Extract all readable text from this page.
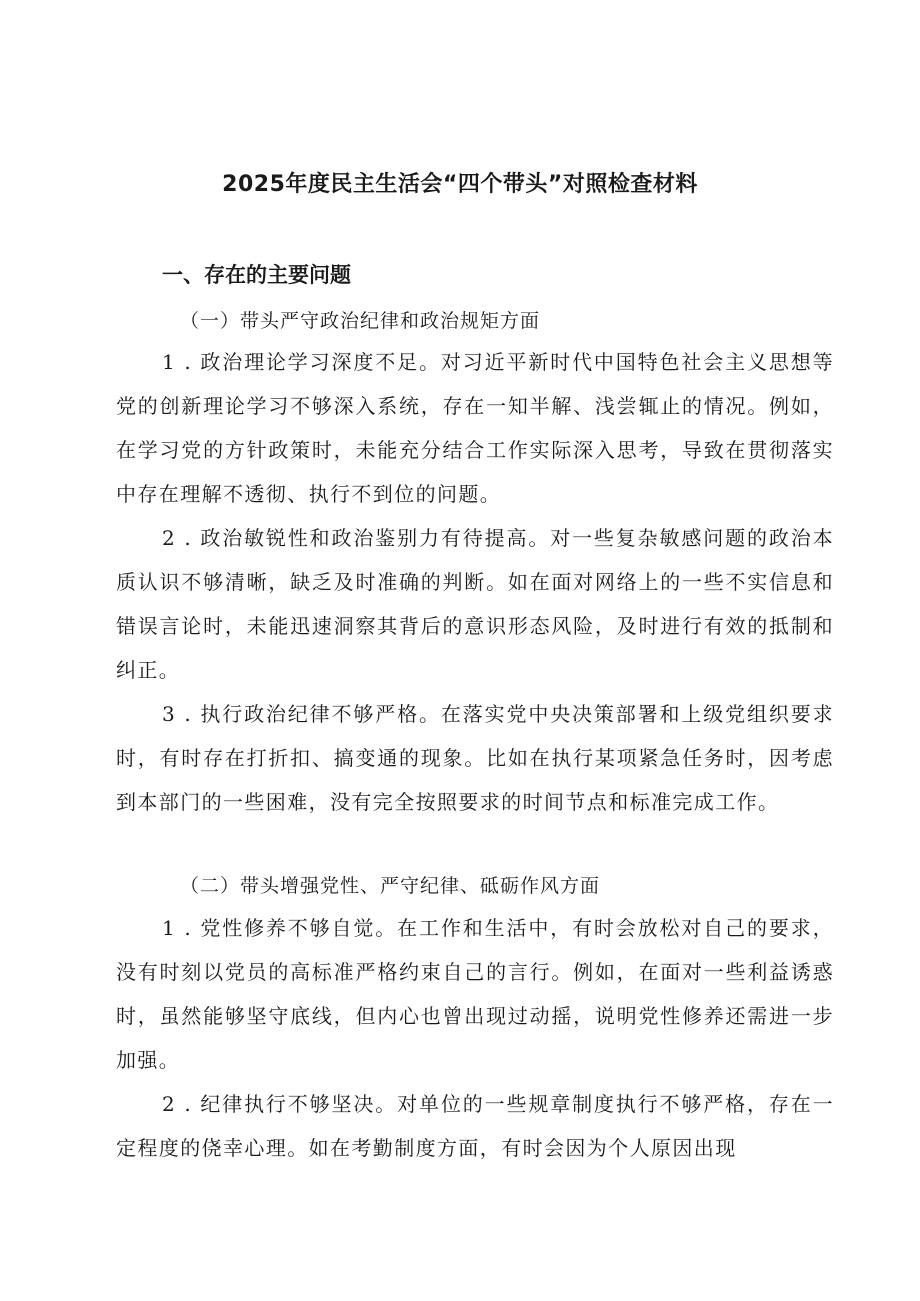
2025年度民主生活会“四个带头”对照检查材料
一、存在的主要问题
（一）带头严守政治纪律和政治规矩方面

1 . 政治理论学习深度不足。对习近平新时代中国特色社会主义思想等党的创新理论学习不够深入系统，存在一知半解、浅尝辄止的情况。例如，在学习党的方针政策时，未能充分结合工作实际深入思考，导致在贯彻落实中存在理解不透彻、执行不到位的问题。

2 . 政治敏锐性和政治鉴别力有待提高。对一些复杂敏感问题的政治本质认识不够清晰，缺乏及时准确的判断。如在面对网络上的一些不实信息和错误言论时，未能迅速洞察其背后的意识形态风险，及时进行有效的抵制和纠正。

3 . 执行政治纪律不够严格。在落实党中央决策部署和上级党组织要求时，有时存在打折扣、搞变通的现象。比如在执行某项紧急任务时，因考虑到本部门的一些困难，没有完全按照要求的时间节点和标准完成工作。

（二）带头增强党性、严守纪律、砥砺作风方面

1 . 党性修养不够自觉。在工作和生活中，有时会放松对自己的要求，没有时刻以党员的高标准严格约束自己的言行。例如，在面对一些利益诱惑时，虽然能够坚守底线，但内心也曾出现过动摇，说明党性修养还需进一步加强。

2 . 纪律执行不够坚决。对单位的一些规章制度执行不够严格，存在一定程度的侥幸心理。如在考勤制度方面，有时会因为个人原因出现
